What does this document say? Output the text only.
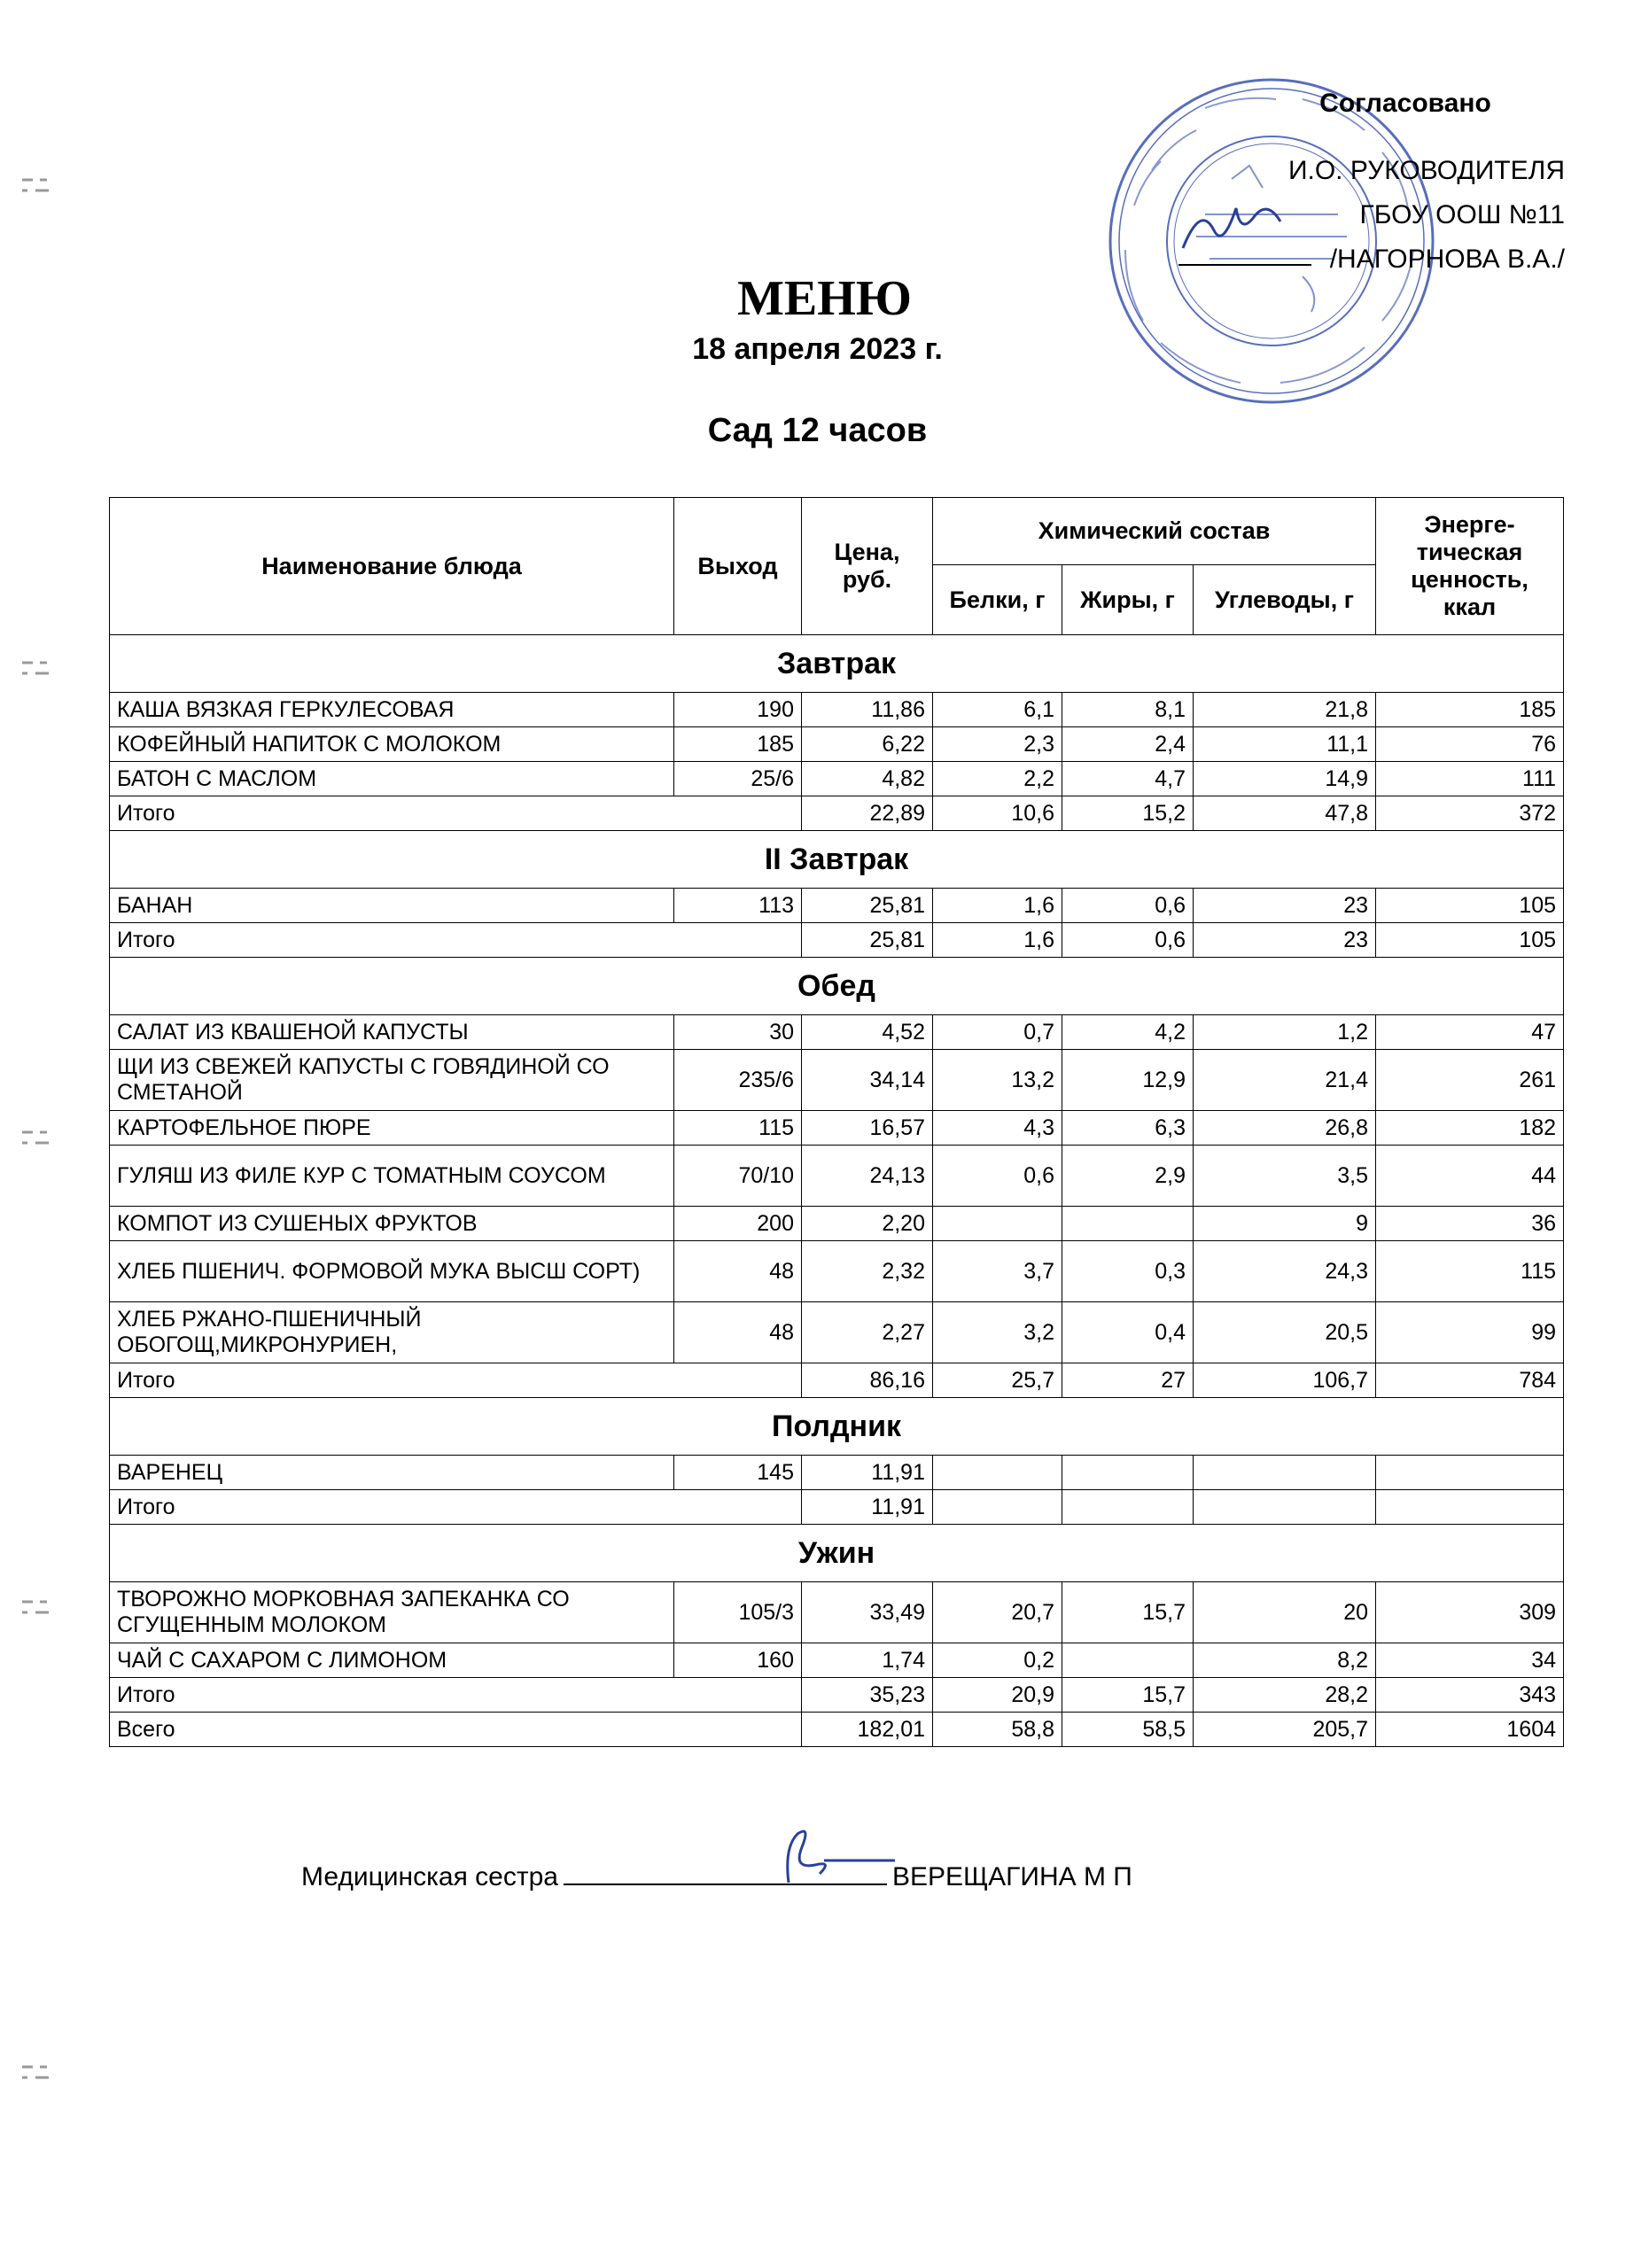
Согласовано
И.О. РУКОВОДИТЕЛЯ
ГБОУ ООШ №11
/НАГОРНОВА В.А./
МЕНЮ
18 апреля 2023 г.
Сад 12 часов
Наименование блюда	Выход	Цена, руб.	Химический состав			Энерге-тическая ценность, ккал
			Белки, г	Жиры, г	Углеводы, г	
Завтрак						
КАША ВЯЗКАЯ ГЕРКУЛЕСОВАЯ	190	11,86	6,1	8,1	21,8	185
КОФЕЙНЫЙ НАПИТОК С МОЛОКОМ	185	6,22	2,3	2,4	11,1	76
БАТОН С МАСЛОМ	25/6	4,82	2,2	4,7	14,9	111
Итого		22,89	10,6	15,2	47,8	372
II Завтрак						
БАНАН	113	25,81	1,6	0,6	23	105
Итого		25,81	1,6	0,6	23	105
Обед						
САЛАТ ИЗ КВАШЕНОЙ КАПУСТЫ	30	4,52	0,7	4,2	1,2	47
ЩИ ИЗ СВЕЖЕЙ КАПУСТЫ С ГОВЯДИНОЙ СО СМЕТАНОЙ	235/6	34,14	13,2	12,9	21,4	261
КАРТОФЕЛЬНОЕ ПЮРЕ	115	16,57	4,3	6,3	26,8	182
ГУЛЯШ ИЗ ФИЛЕ КУР С ТОМАТНЫМ СОУСОМ	70/10	24,13	0,6	2,9	3,5	44
КОМПОТ ИЗ СУШЕНЫХ ФРУКТОВ	200	2,20			9	36
ХЛЕБ ПШЕНИЧ. ФОРМОВОЙ МУКА ВЫСШ СОРТ)	48	2,32	3,7	0,3	24,3	115
ХЛЕБ РЖАНО-ПШЕНИЧНЫЙ ОБОГОЩ,МИКРОНУРИЕН,	48	2,27	3,2	0,4	20,5	99
Итого		86,16	25,7	27	106,7	784
Полдник						
ВАРЕНЕЦ	145	11,91				
Итого		11,91				
Ужин						
ТВОРОЖНО МОРКОВНАЯ ЗАПЕКАНКА СО СГУЩЕННЫМ МОЛОКОМ	105/3	33,49	20,7	15,7	20	309
ЧАЙ С САХАРОМ С ЛИМОНОМ	160	1,74	0,2		8,2	34
Итого		35,23	20,9	15,7	28,2	343
Всего		182,01	58,8	58,5	205,7	1604
Медицинская сестра	ВЕРЕЩАГИНА М П
